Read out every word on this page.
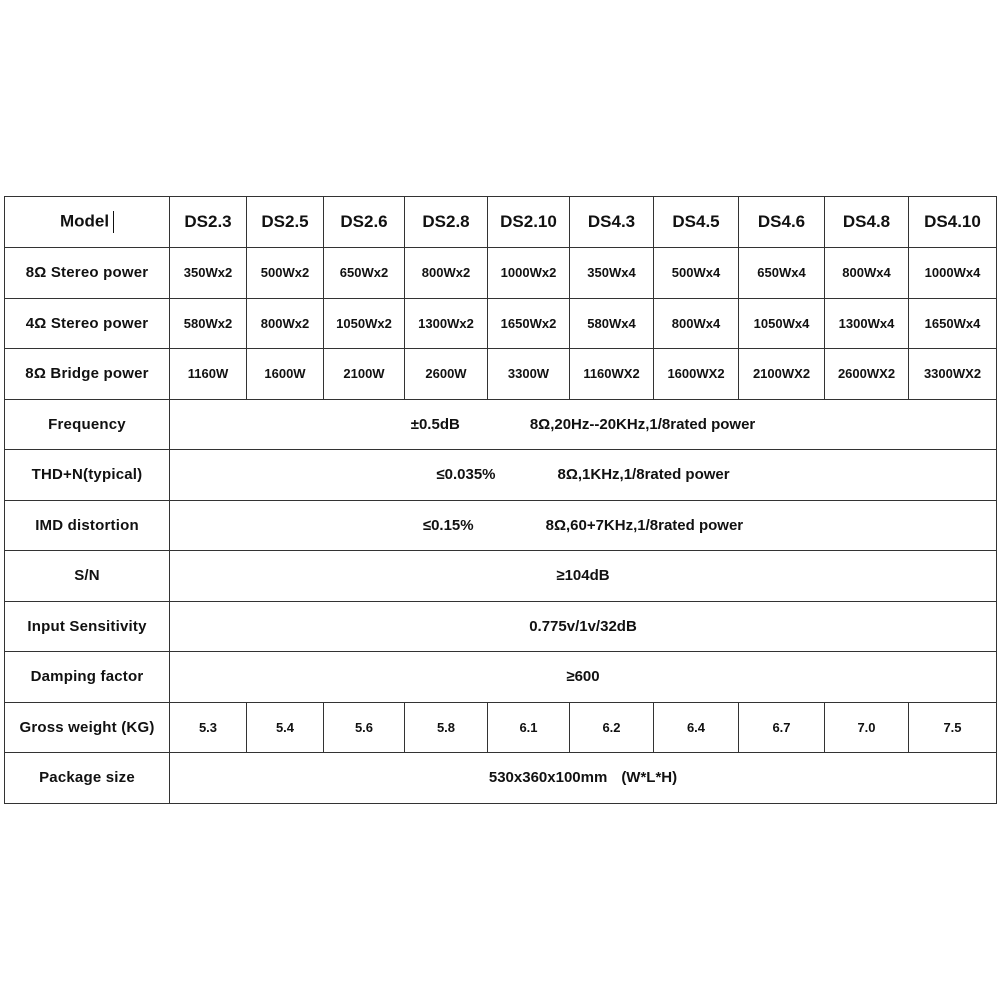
Model	DS2.3	DS2.5	DS2.6	DS2.8	DS2.10	DS4.3	DS4.5	DS4.6	DS4.8	DS4.10
8Ω Stereo power	350Wx2	500Wx2	650Wx2	800Wx2	1000Wx2	350Wx4	500Wx4	650Wx4	800Wx4	1000Wx4
4Ω Stereo power	580Wx2	800Wx2	1050Wx2	1300Wx2	1650Wx2	580Wx4	800Wx4	1050Wx4	1300Wx4	1650Wx4
8Ω Bridge power	1160W	1600W	2100W	2600W	3300W	1160WX2	1600WX2	2100WX2	2600WX2	3300WX2
Frequency	±0.5dB 8Ω,20Hz--20KHz,1/8rated power									
THD+N(typical)	≤0.035% 8Ω,1KHz,1/8rated power									
IMD distortion	≤0.15% 8Ω,60+7KHz,1/8rated power									
S/N	≥104dB									
Input Sensitivity	0.775v/1v/32dB									
Damping factor	≥600									
Gross weight (KG)	5.3	5.4	5.6	5.8	6.1	6.2	6.4	6.7	7.0	7.5
Package size	530x360x100mm (W*L*H)									
